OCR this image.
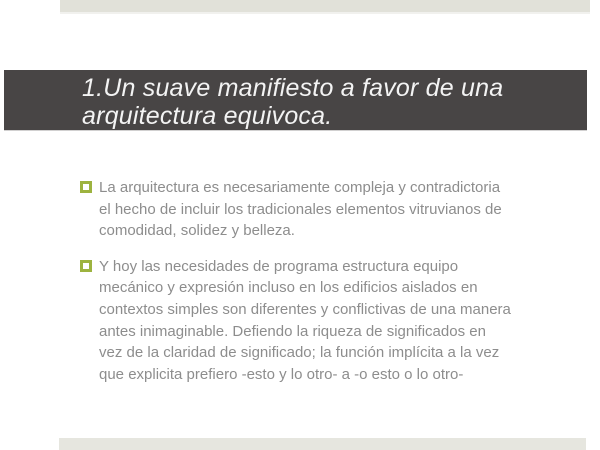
1.Un suave manifiesto a favor de una
arquitectura equivoca.
La arquitectura es necesariamente compleja y contradictoria
el hecho de incluir los tradicionales elementos vitruvianos de
comodidad, solidez y belleza.
Y hoy las necesidades de programa estructura equipo
mecánico y expresión incluso en los edificios aislados en
contextos simples son diferentes y conflictivas de una manera
antes inimaginable. Defiendo la riqueza de significados en
vez de la claridad de significado; la función implícita a la vez
que explicita prefiero -esto y lo otro- a -o esto o lo otro-
